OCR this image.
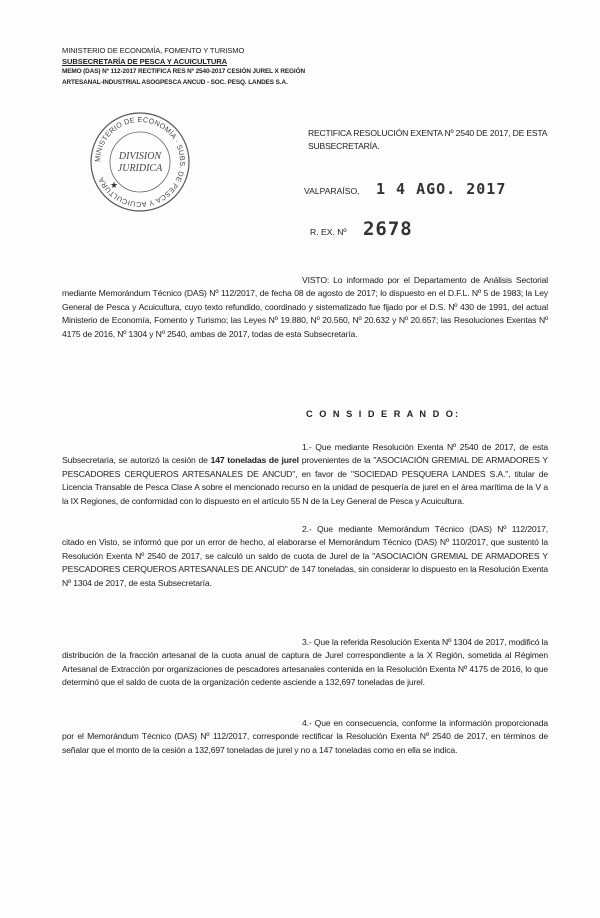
MINISTERIO DE ECONOMÍA, FOMENTO Y TURISMO
SUBSECRETARÍA DE PESCA Y ACUICULTURA
MEMO (DAS) Nº 112-2017 RECTIFICA RES Nº 2540-2017 CESIÓN JUREL X REGIÓN
ARTESANAL-INDUSTRIAL ASOGPESCA ANCUD - SOC. PESQ. LANDES S.A.
MINISTERIO DE ECONOMÍA · SUBS. DE PESCA Y ACUICULTURA
DIVISION
JURIDICA
★
RECTIFICA RESOLUCIÓN EXENTA Nº 2540 DE 2017, DE ESTA SUBSECRETARÍA.
VALPARAÍSO, 1 4 AGO. 2017
R. EX. Nº 2678
VISTO: Lo informado por el Departamento de Análisis Sectorial mediante Memorándum Técnico (DAS) Nº 112/2017, de fecha 08 de agosto de 2017; lo dispuesto en el D.F.L. Nº 5 de 1983; la Ley General de Pesca y Acuicultura, cuyo texto refundido, coordinado y sistematizado fue fijado por el D.S. Nº 430 de 1991, del actual Ministerio de Economía, Fomento y Turismo; las Leyes Nº 19.880, Nº 20.560, Nº 20.632 y Nº 20.657; las Resoluciones Exentas Nº 4175 de 2016, Nº 1304 y Nº 2540, ambas de 2017, todas de esta Subsecretaría.
C O N S I D E R A N D O:
1.- Que mediante Resolución Exenta Nº 2540 de 2017, de esta Subsecretaría, se autorizó la cesión de 147 toneladas de jurel provenientes de la "ASOCIACIÓN GREMIAL DE ARMADORES Y PESCADORES CERQUEROS ARTESANALES DE ANCUD", en favor de "SOCIEDAD PESQUERA LANDES S.A.", titular de Licencia Transable de Pesca Clase A sobre el mencionado recurso en la unidad de pesquería de jurel en el área marítima de la V a la IX Regiones, de conformidad con lo dispuesto en el artículo 55 N de la Ley General de Pesca y Acuicultura.
2.- Que mediante Memorándum Técnico (DAS) Nº 112/2017, citado en Visto, se informó que por un error de hecho, al elaborarse el Memorándum Técnico (DAS) Nº 110/2017, que sustentó la Resolución Exenta Nº 2540 de 2017, se calculó un saldo de cuota de Jurel de la "ASOCIACIÓN GREMIAL DE ARMADORES Y PESCADORES CERQUEROS ARTESANALES DE ANCUD" de 147 toneladas, sin considerar lo dispuesto en la Resolución Exenta Nº 1304 de 2017, de esta Subsecretaría.
3.- Que la referida Resolución Exenta Nº 1304 de 2017, modificó la distribución de la fracción artesanal de la cuota anual de captura de Jurel correspondiente a la X Región, sometida al Régimen Artesanal de Extracción por organizaciones de pescadores artesanales contenida en la Resolución Exenta Nº 4175 de 2016, lo que determinó que el saldo de cuota de la organización cedente asciende a 132,697 toneladas de jurel.
4.- Que en consecuencia, conforme la información proporcionada por el Memorándum Técnico (DAS) Nº 112/2017, corresponde rectificar la Resolución Exenta Nº 2540 de 2017, en términos de señalar que el monto de la cesión a 132,697 toneladas de jurel y no a 147 toneladas como en ella se indica.
